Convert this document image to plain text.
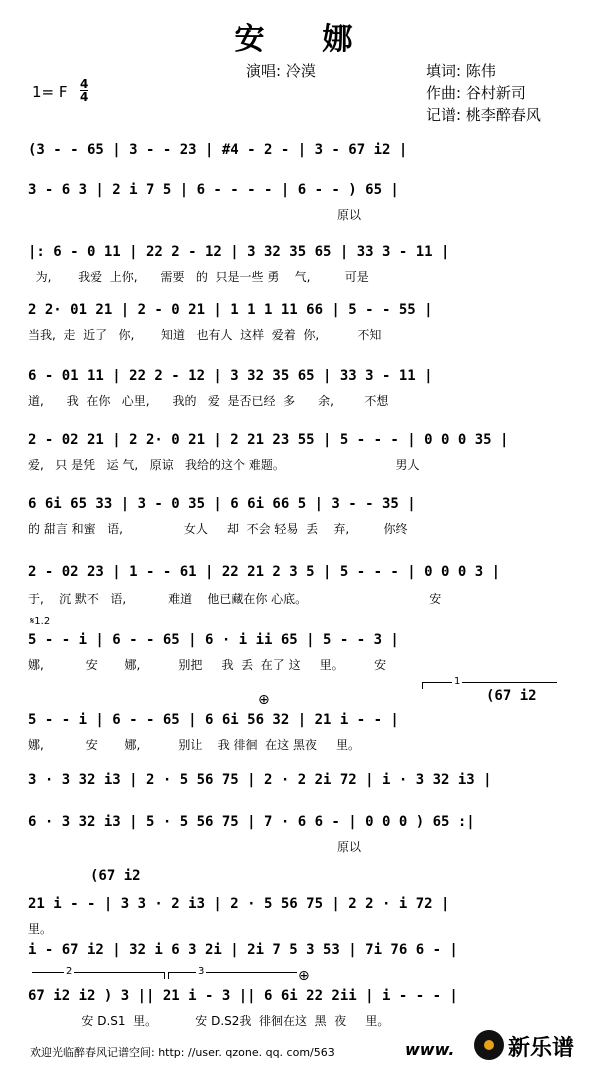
安　娜
演唱: 冷漠	填词: 陈伟
作曲: 谷村新司
记谱: 桃李醉春风
1= F 4
4
(3 - - 65 | 3 - - 23 | #4 - 2 - | 3 - 67 i2 |
3 - 6 3 | 2 i 7 5 | 6 - - - - | 6 - - ) 65 |
原以
|: 6 - 0 11 | 22 2 - 12 | 3 32 35 65 | 33 3 - 11 |
为,       我爱  上你,      需要   的  只是一些 勇    气,         可是
2 2· 01 21 | 2 - 0 21 | 1 1 1 11 66 | 5 - - 55 |
当我,  走  近了   你,       知道   也有人  这样  爱着  你,          不知
6 - 01 11 | 22 2 - 12 | 3 32 35 65 | 33 3 - 11 |
道,      我  在你   心里,      我的   爱  是否已经  多      余,        不想
2 - 02 21 | 2 2· 0 21 | 2 21 23 55 | 5 - - - | 0 0 0 35 |
爱,   只 是凭   运 气,   原谅   我给的这个 难题。                             男人
6 6i 65 33 | 3 - 0 35 | 6 6i 66 5 | 3 - - 35 |
的 甜言 和蜜   语,                女人     却  不会 轻易  丢    弃,         你终
2 - 02 23 | 1 - - 61 | 22 21 2 3 5 | 5 - - - | 0 0 0 3 |
于,    沉 默不   语,           难道    他已藏在你 心底。                                安
𝄋1.2
5 - - i | 6 - - 65 | 6 · i ii 65 | 5 - - 3 |
娜,           安       娜,          别把     我  丢  在了 这     里。        安
1
(67 i2
⊕
5 - - i | 6 - - 65 | 6 6i 56 32 | 21 i - - |
娜,           安       娜,          别让    我 徘徊  在这 黑夜     里。
3 · 3 32 i3 | 2 · 5 56 75 | 2 · 2 2i 72 | i · 3 32 i3 |
6 · 3 32 i3 | 5 · 5 56 75 | 7 · 6 6 - | 0 0 0 ) 65 :|
原以
(67 i2
21 i - - | 3 3 · 2 i3 | 2 · 5 56 75 | 2 2 · i 72 |
里。
i - 67 i2 | 32 i 6 3 2i | 2i 7 5 3 53 | 7i 76 6 - |
2	3	⊕
67 i2 i2 ) 3 || 21 i - 3 || 6 6i 22 2ii | i - - - |
安 D.S1  里。          安 D.S2我  徘徊在这  黑  夜     里。
欢迎光临醉春风记谱空间: http: //user. qzone. qq. com/563	www. 新乐谱
